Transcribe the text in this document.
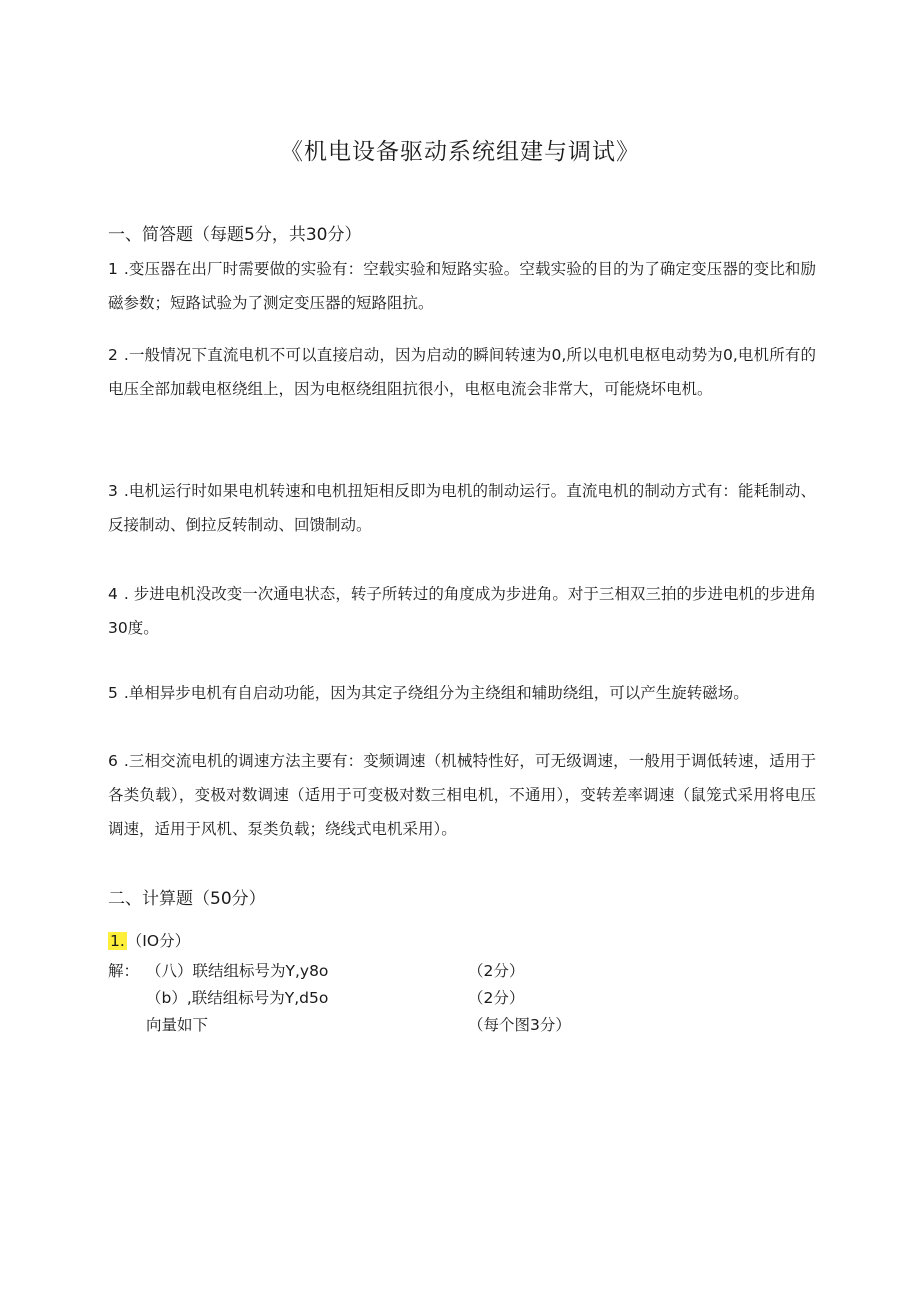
《机电设备驱动系统组建与调试》
一、简答题（每题5分，共30分）
1 .变压器在出厂时需要做的实验有：空载实验和短路实验。空载实验的目的为了确定变压器的变比和励磁参数；短路试验为了测定变压器的短路阻抗。
2 .一般情况下直流电机不可以直接启动，因为启动的瞬间转速为0,所以电机电枢电动势为0,电机所有的电压全部加载电枢绕组上，因为电枢绕组阻抗很小，电枢电流会非常大，可能烧坏电机。
3 .电机运行时如果电机转速和电机扭矩相反即为电机的制动运行。直流电机的制动方式有：能耗制动、反接制动、倒拉反转制动、回馈制动。
4 . 步进电机没改变一次通电状态，转子所转过的角度成为步进角。对于三相双三拍的步进电机的步进角30度。
5 .单相异步电机有自启动功能，因为其定子绕组分为主绕组和辅助绕组，可以产生旋转磁场。
6 .三相交流电机的调速方法主要有：变频调速（机械特性好，可无级调速，一般用于调低转速，适用于各类负载），变极对数调速（适用于可变极对数三相电机，不通用），变转差率调速（鼠笼式采用将电压调速，适用于风机、泵类负载；绕线式电机采用）。
二、计算题（50分）
1. （IO分）
解： （八）联结组标号为Y,y8o	（2分）
（b）,联结组标号为Y,d5o	（2分）
向量如下	（每个图3分）
